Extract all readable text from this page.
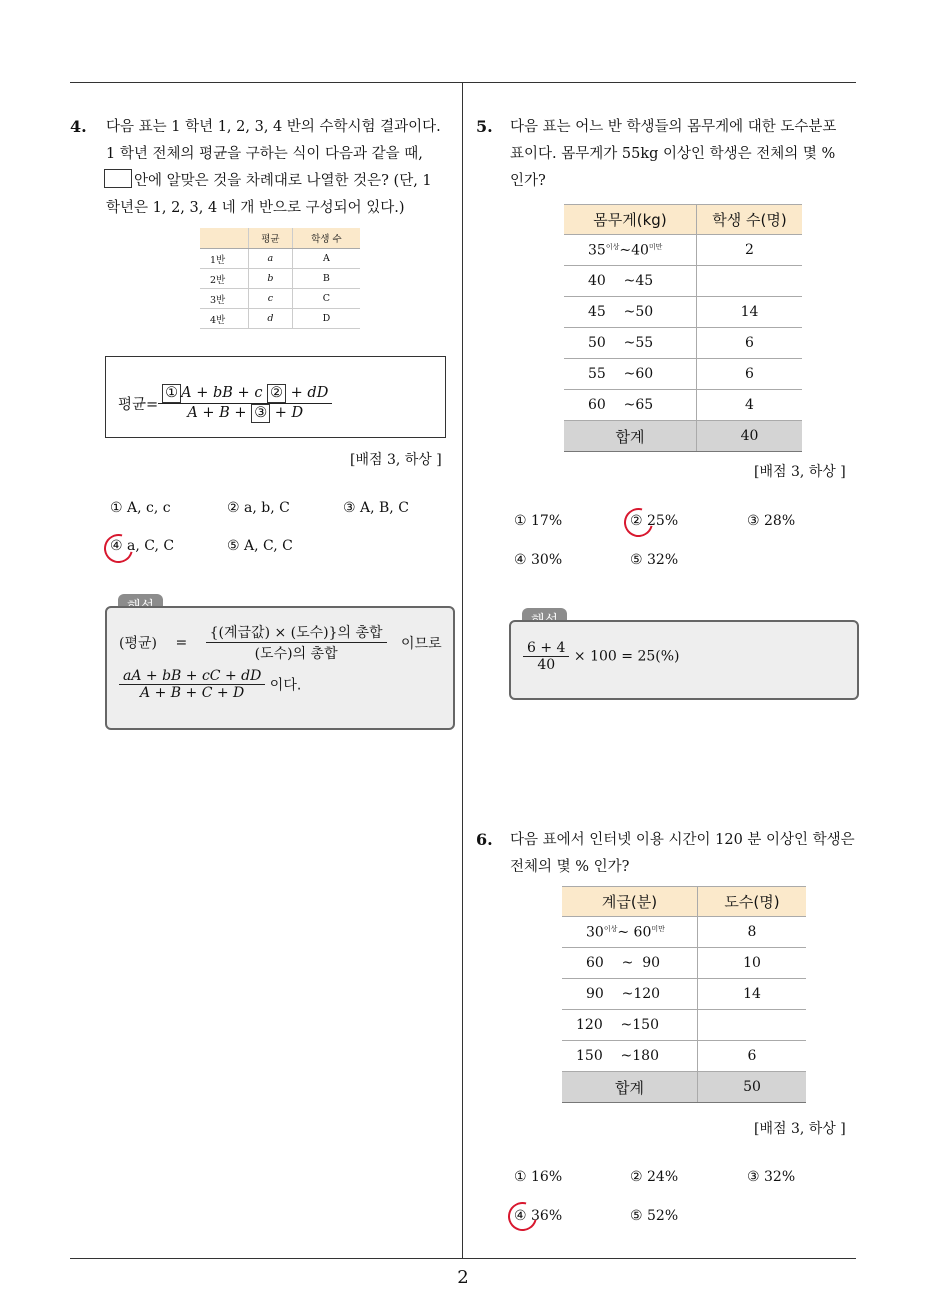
2
4. 다음 표는 1 학년 1, 2, 3, 4 반의 수학시험 결과이다.
1 학년 전체의 평균을 구하는 식이 다음과 같을 때,
안에 알맞은 것을 차례대로 나열한 것은? (단, 1
학년은 1, 2, 3, 4 네 개 반으로 구성되어 있다.)
	평균	학생 수
1반	a	A
2반	b	B
3반	c	C
4반	d	D
평균= $\frac{\text{① A + bB + c ② + dD}}{\text{A + B + ③ + D}}$
[배점 3, 하상 ]
① A, c, c	② a, b, C	③ A, B, C
④ a, C, C	⑤ A, C, C
(평균) = $\frac{\text{\{(계급값) × (도수)\}의 총합}}{\text{(도수)의 총합}}$ 이므로
$\frac{aA + bB + cC + dD}{A + B + C + D}$ 이다.
5. 다음 표는 어느 반 학생들의 몸무게에 대한 도수분포
표이다. 몸무게가 55kg 이상인 학생은 전체의 몇 %
인가?
몸무게(kg)	학생 수(명)
$35^{이상}\sim 40^{미만}$	2
40    ~45	
45    ~50	14
50    ~55	6
55    ~60	6
60    ~65	4
합계	40
[배점 3, 하상 ]
① 17%	② 25%	③ 28%
④ 30%	⑤ 32%
$\frac{6 + 4}{40} \times 100 = 25(\%)$
6. 다음 표에서 인터넷 이용 시간이 120 분 이상인 학생은
전체의 몇 % 인가?
계급(분)	도수(명)
$30^{이상}\sim$ $60^{미만}$	8
60    ~  90	10
90    ~120	14
120    ~150	
150    ~180	6
합계	50
[배점 3, 하상 ]
① 16%	② 24%	③ 32%
④ 36%	⑤ 52%
